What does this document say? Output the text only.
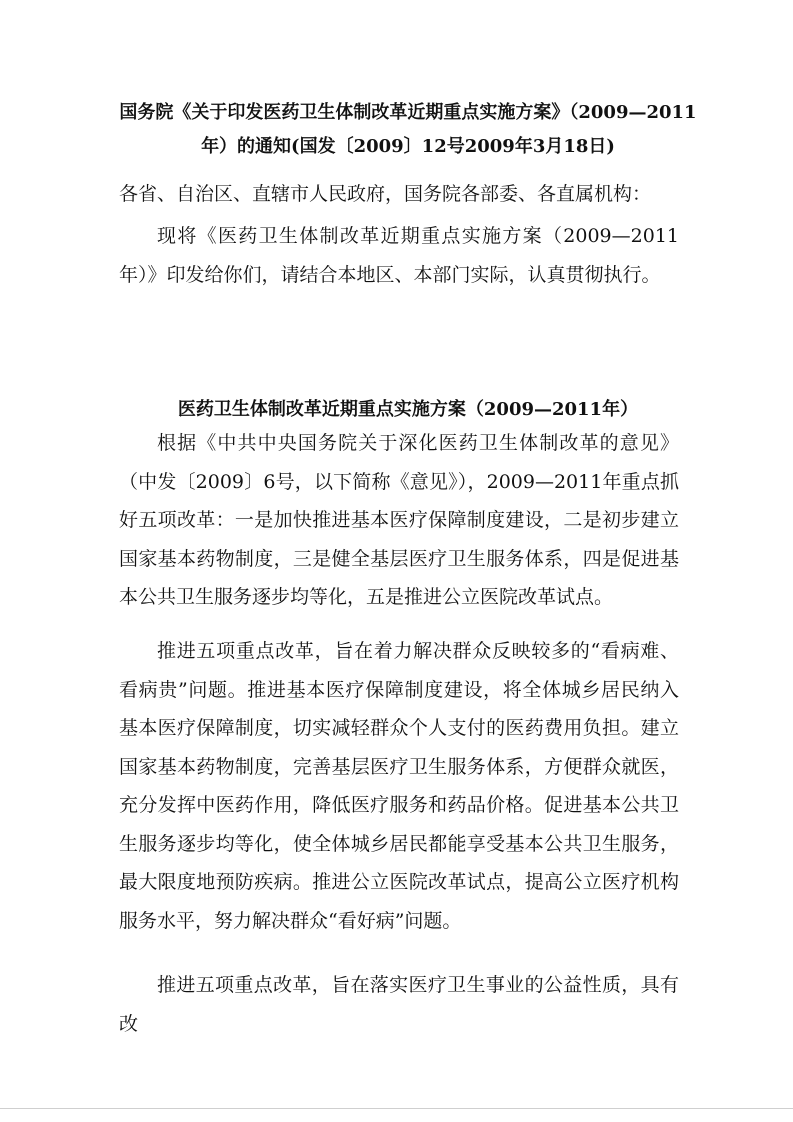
国务院《关于印发医药卫生体制改革近期重点实施方案》（2009—2011年）的通知(国发〔2009〕12号2009年3月18日)

各省、自治区、直辖市人民政府，国务院各部委、各直属机构：

现将《医药卫生体制改革近期重点实施方案（2009—2011年）》印发给你们，请结合本地区、本部门实际，认真贯彻执行。

医药卫生体制改革近期重点实施方案（2009—2011年）

根据《中共中央国务院关于深化医药卫生体制改革的意见》（中发〔2009〕6号，以下简称《意见》），2009—2011年重点抓好五项改革：一是加快推进基本医疗保障制度建设，二是初步建立国家基本药物制度，三是健全基层医疗卫生服务体系，四是促进基本公共卫生服务逐步均等化，五是推进公立医院改革试点。

推进五项重点改革，旨在着力解决群众反映较多的“看病难、看病贵”问题。推进基本医疗保障制度建设，将全体城乡居民纳入基本医疗保障制度，切实减轻群众个人支付的医药费用负担。建立国家基本药物制度，完善基层医疗卫生服务体系，方便群众就医，充分发挥中医药作用，降低医疗服务和药品价格。促进基本公共卫生服务逐步均等化，使全体城乡居民都能享受基本公共卫生服务，最大限度地预防疾病。推进公立医院改革试点，提高公立医疗机构服务水平，努力解决群众“看好病”问题。

推进五项重点改革，旨在落实医疗卫生事业的公益性质，具有改
